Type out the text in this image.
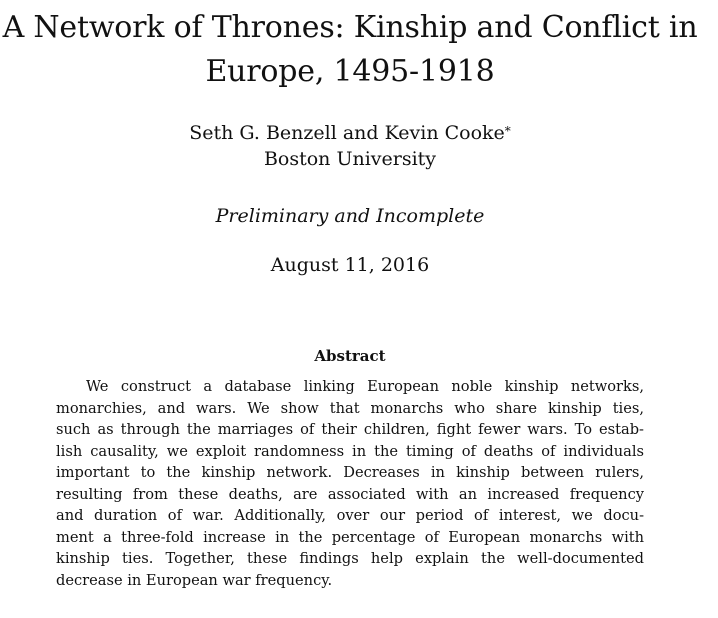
A Network of Thrones: Kinship and Conflict in
Europe, 1495-1918
Seth G. Benzell and Kevin Cooke*
Boston University
Preliminary and Incomplete
August 11, 2016
Abstract
We construct a database linking European noble kinship networks,
monarchies, and wars. We show that monarchs who share kinship ties,
such as through the marriages of their children, fight fewer wars. To estab-
lish causality, we exploit randomness in the timing of deaths of individuals
important to the kinship network. Decreases in kinship between rulers,
resulting from these deaths, are associated with an increased frequency
and duration of war. Additionally, over our period of interest, we docu-
ment a three-fold increase in the percentage of European monarchs with
kinship ties. Together, these findings help explain the well-documented
decrease in European war frequency.
